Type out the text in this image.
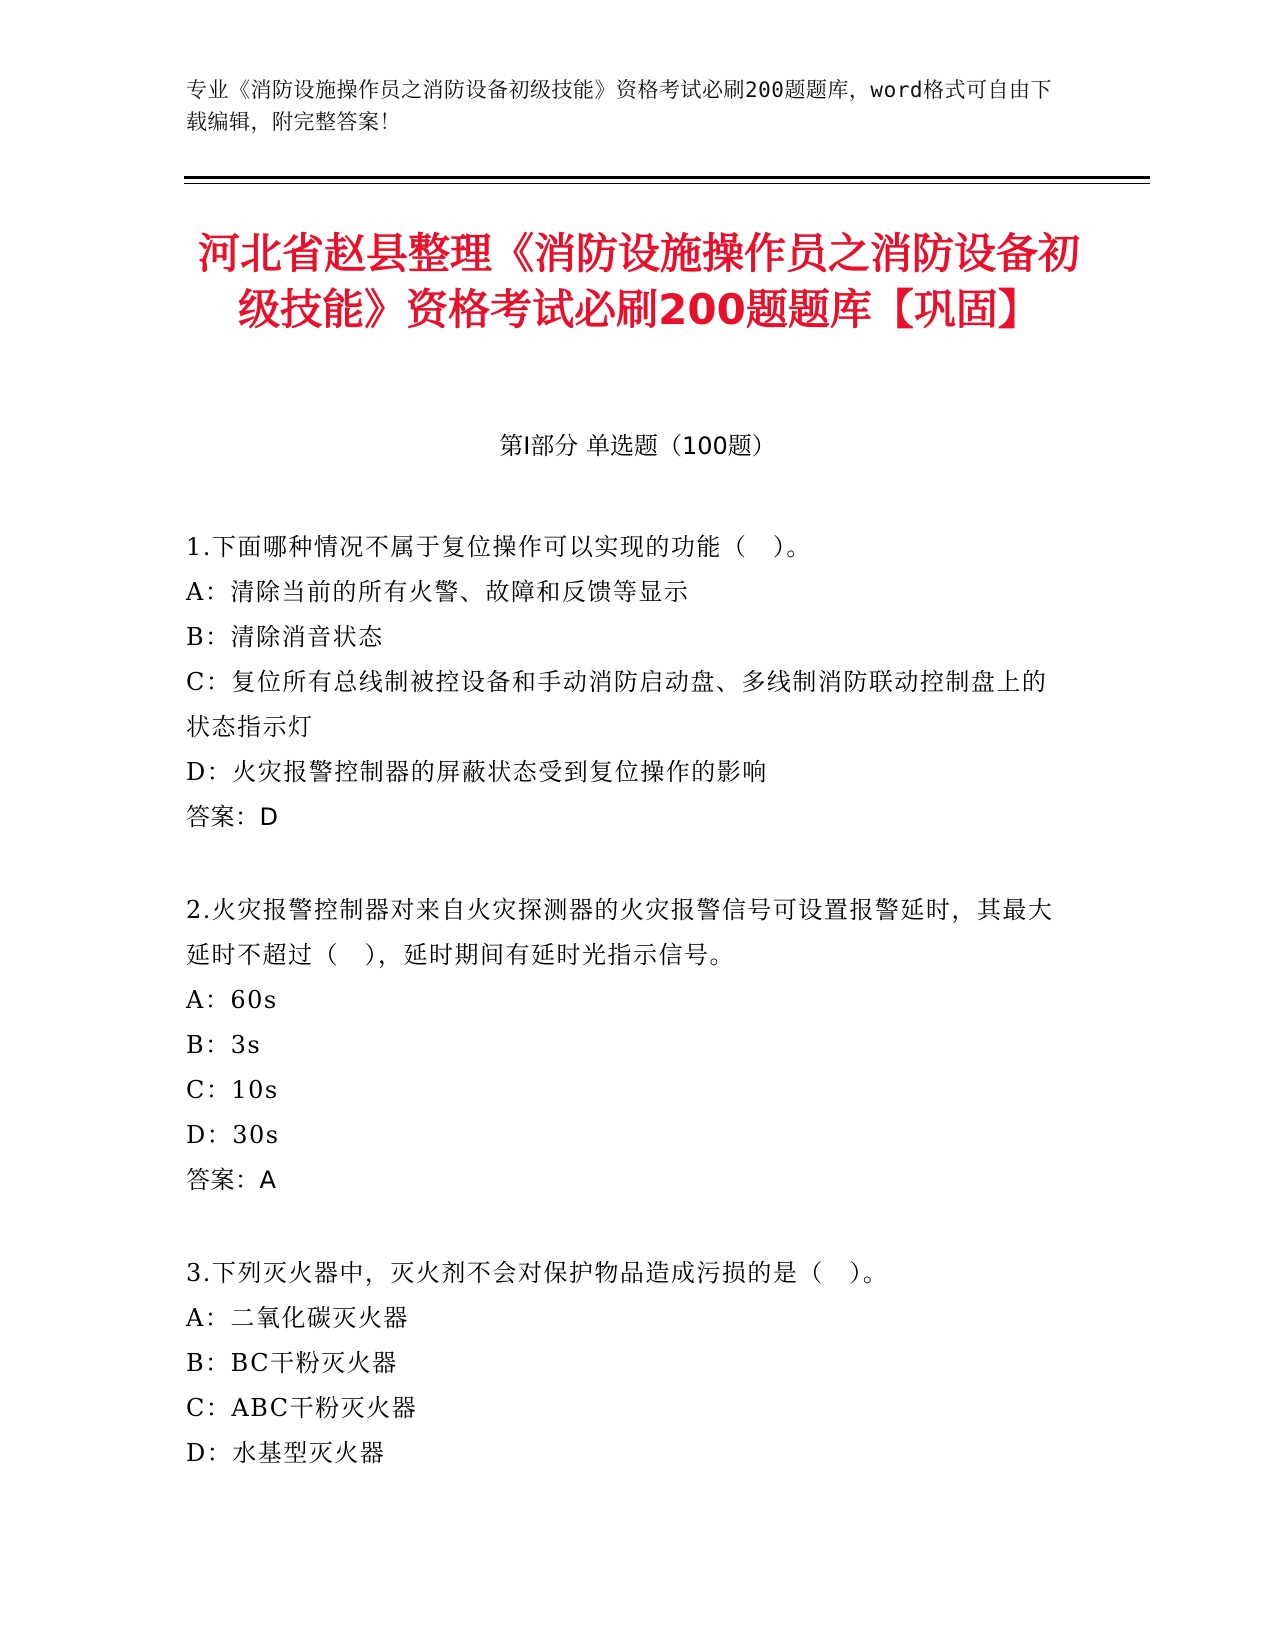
专业《消防设施操作员之消防设备初级技能》资格考试必刷200题题库，word格式可自由下载编辑，附完整答案！
河北省赵县整理《消防设施操作员之消防设备初级技能》资格考试必刷200题题库【巩固】
第Ⅰ部分 单选题（100题）
1.下面哪种情况不属于复位操作可以实现的功能（　）。
A：清除当前的所有火警、故障和反馈等显示
B：清除消音状态
C：复位所有总线制被控设备和手动消防启动盘、多线制消防联动控制盘上的状态指示灯
D：火灾报警控制器的屏蔽状态受到复位操作的影响
答案：D
2.火灾报警控制器对来自火灾探测器的火灾报警信号可设置报警延时，其最大延时不超过（　），延时期间有延时光指示信号。
A：60s
B：3s
C：10s
D：30s
答案：A
3.下列灭火器中，灭火剂不会对保护物品造成污损的是（　）。
A：二氧化碳灭火器
B：BC干粉灭火器
C：ABC干粉灭火器
D：水基型灭火器
